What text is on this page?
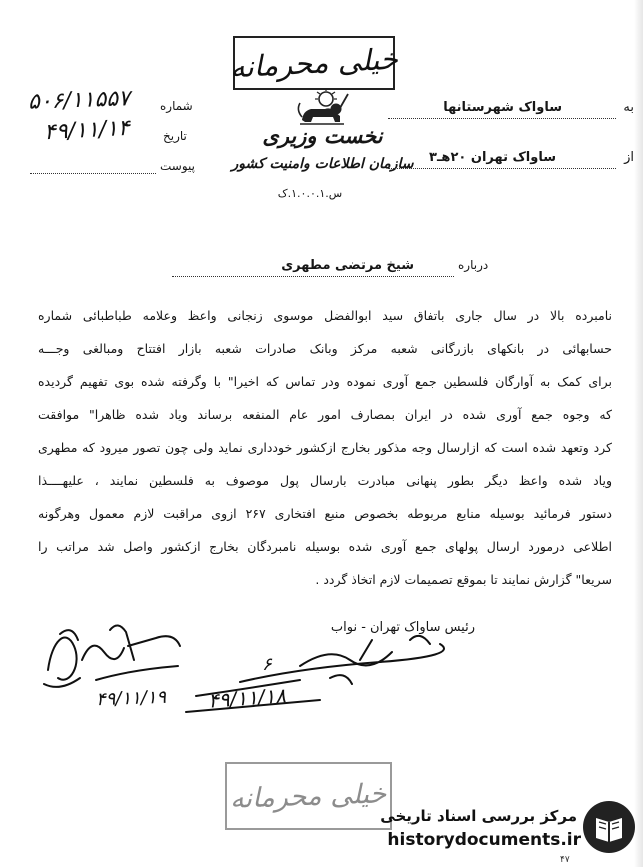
خیلی محرمانه
نخست وزیری
سازمان اطلاعات وامنیت کشور
س.۱.۰.۰.۱.ک
به
ساواک شهرستانها
از
ساواک تهران ۲۰هـ۳
شماره
تاریخ
پیوست
۵۰۶/۱۱۵۵۷
۴۹/۱۱/۱۴
درباره
شیخ مرتضی مطهری
نامبرده بالا در سال جاری باتفاق سید ابوالفضل موسوی زنجانی واعظ وعلامه طباطبائی شماره
حسابهائی در بانکهای بازرگانی شعبه مرکز وبانک صادرات شعبه بازار افتتاح ومبالغی وجـــه
برای کمک به آوارگان فلسطین جمع آوری نموده ودر تماس که اخیرا" با وگرفته شده بوی تفهیم گردیده
که وجوه جمع آوری شده در ایران بمصارف امور عام المنفعه برساند ویاد شده ظاهرا" موافقت
کرد وتعهد شده است که ازارسال وجه مذکور بخارج ازکشور خودداری نماید ولی چون تصور میرود که مطهری
ویاد شده واعظ دیگر بطور پنهانی مبادرت بارسال پول موصوف به فلسطین نمایند ، علیهــــذا
دستور فرمائید بوسیله منابع مربوطه بخصوص منبع افتخاری ۲۶۷ ازوی مراقبت لازم معمول وهرگونه
اطلاعی درمورد ارسال پولهای جمع آوری شده بوسیله نامبردگان بخارج ازکشور واصل شد مراتب را
سریعا" گزارش نمایند تا بموقع تصمیمات لازم اتخاذ گردد .
رئیس ساواک تهران - نواب
۴۹/۱۱/۱۹ ۴۹/۱۱/۱۸
۶
خیلی محرمانه
مرکز بررسی اسناد تاریخی
historydocuments.ir
۴۷
